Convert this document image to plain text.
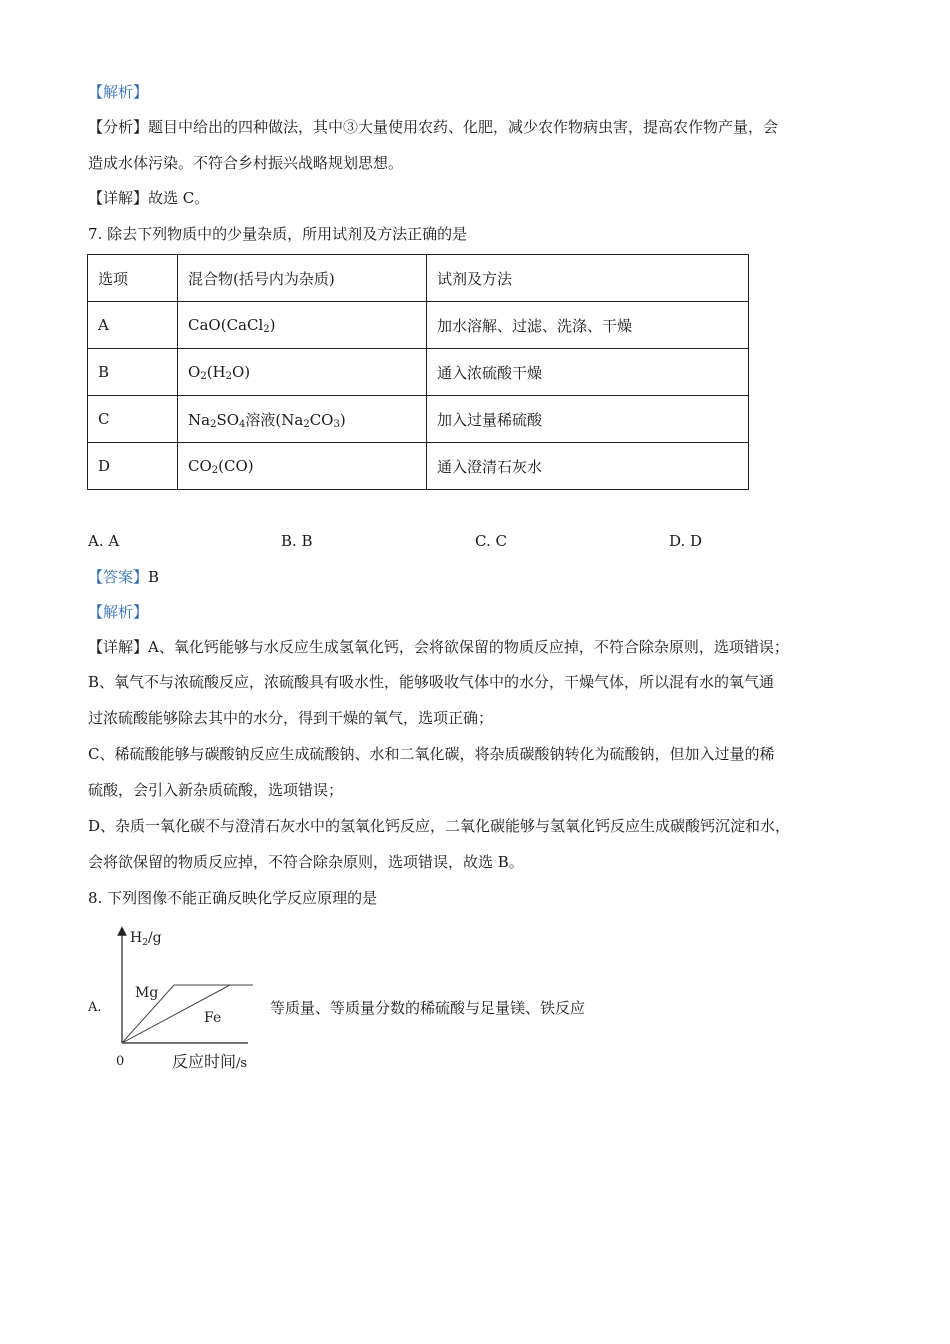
【解析】
【分析】题目中给出的四种做法，其中③大量使用农药、化肥，减少农作物病虫害，提高农作物产量，会
造成水体污染。不符合乡村振兴战略规划思想。
【详解】故选 C。
7. 除去下列物质中的少量杂质，所用试剂及方法正确的是
选项	混合物(括号内为杂质)	试剂及方法
A	CaO(CaCl$_2$)	加水溶解、过滤、洗涤、干燥
B	$O_2(H_2O)$	通入浓硫酸干燥
C	$Na_2SO_4$溶液$(Na_2CO_3)$	加入过量稀硫酸
D	$CO_2(CO)$	通入澄清石灰水
A. A	B. B	C. C	D. D
【答案】B
【解析】
【详解】A、氧化钙能够与水反应生成氢氧化钙，会将欲保留的物质反应掉，不符合除杂原则，选项错误；
B、氧气不与浓硫酸反应，浓硫酸具有吸水性，能够吸收气体中的水分，干燥气体，所以混有水的氧气通
过浓硫酸能够除去其中的水分，得到干燥的氧气，选项正确；
C、稀硫酸能够与碳酸钠反应生成硫酸钠、水和二氧化碳，将杂质碳酸钠转化为硫酸钠，但加入过量的稀
硫酸，会引入新杂质硫酸，选项错误；
D、杂质一氧化碳不与澄清石灰水中的氢氧化钙反应，二氧化碳能够与氢氧化钙反应生成碳酸钙沉淀和水，
会将欲保留的物质反应掉，不符合除杂原则，选项错误，故选 B。
8. 下列图像不能正确反映化学反应原理的是
A.
$H_2/g$
Mg
Fe
0	反应时间/s
等质量、等质量分数的稀硫酸与足量镁、铁反应
